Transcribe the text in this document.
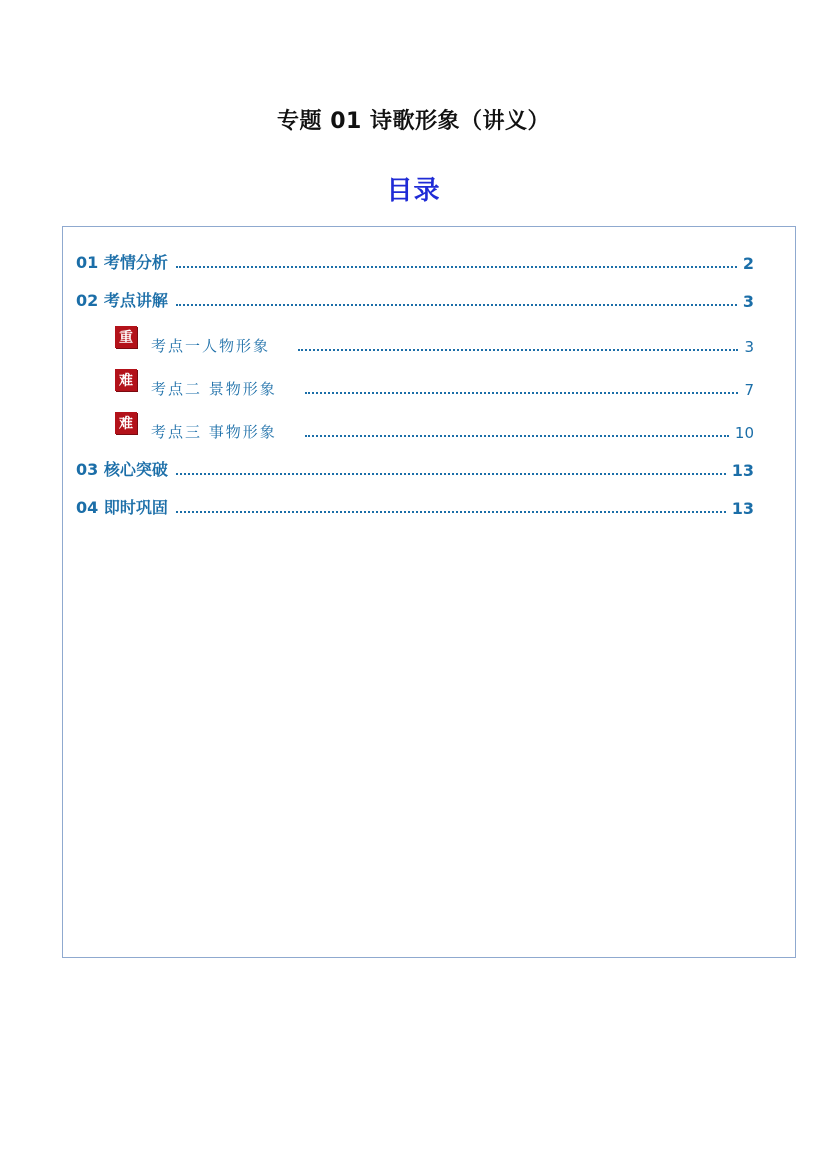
专题 01 诗歌形象（讲义）
目录
01 考情分析	2
02 考点讲解	3
重 考点一人物形象	3
难 考点二 景物形象	7
难 考点三 事物形象	10
03 核心突破	13
04 即时巩固	13
